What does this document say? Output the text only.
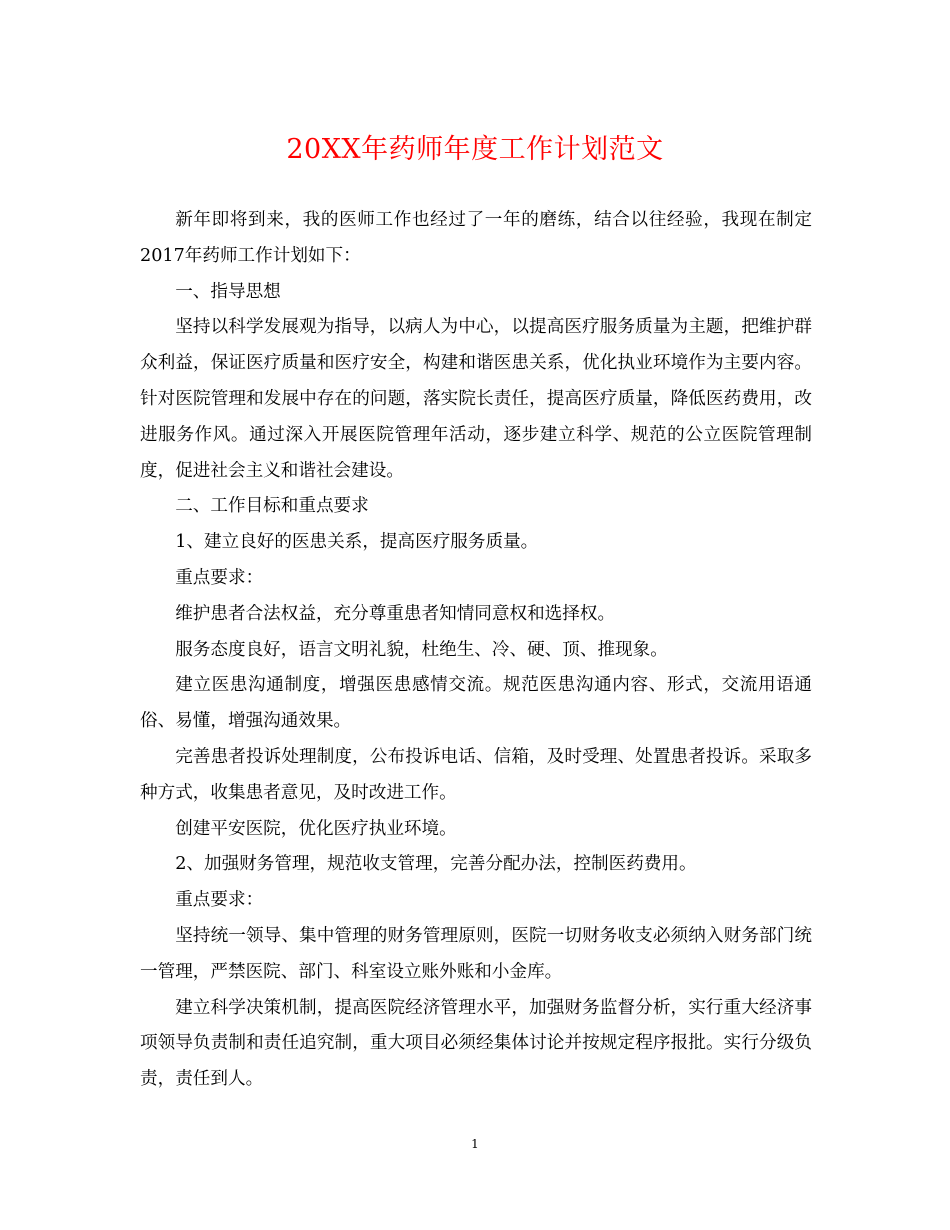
20XX年药师年度工作计划范文

新年即将到来，我的医师工作也经过了一年的磨练，结合以往经验，我现在制定2017年药师工作计划如下：

一、指导思想

坚持以科学发展观为指导，以病人为中心，以提高医疗服务质量为主题，把维护群众利益，保证医疗质量和医疗安全，构建和谐医患关系，优化执业环境作为主要内容。针对医院管理和发展中存在的问题，落实院长责任，提高医疗质量，降低医药费用，改进服务作风。通过深入开展医院管理年活动，逐步建立科学、规范的公立医院管理制度，促进社会主义和谐社会建设。

二、工作目标和重点要求

1、建立良好的医患关系，提高医疗服务质量。

重点要求：

维护患者合法权益，充分尊重患者知情同意权和选择权。

服务态度良好，语言文明礼貌，杜绝生、冷、硬、顶、推现象。

建立医患沟通制度，增强医患感情交流。规范医患沟通内容、形式，交流用语通俗、易懂，增强沟通效果。

完善患者投诉处理制度，公布投诉电话、信箱，及时受理、处置患者投诉。采取多种方式，收集患者意见，及时改进工作。

创建平安医院，优化医疗执业环境。

2、加强财务管理，规范收支管理，完善分配办法，控制医药费用。

重点要求：

坚持统一领导、集中管理的财务管理原则，医院一切财务收支必须纳入财务部门统一管理，严禁医院、部门、科室设立账外账和小金库。

建立科学决策机制，提高医院经济管理水平，加强财务监督分析，实行重大经济事项领导负责制和责任追究制，重大项目必须经集体讨论并按规定程序报批。实行分级负责，责任到人。

1
